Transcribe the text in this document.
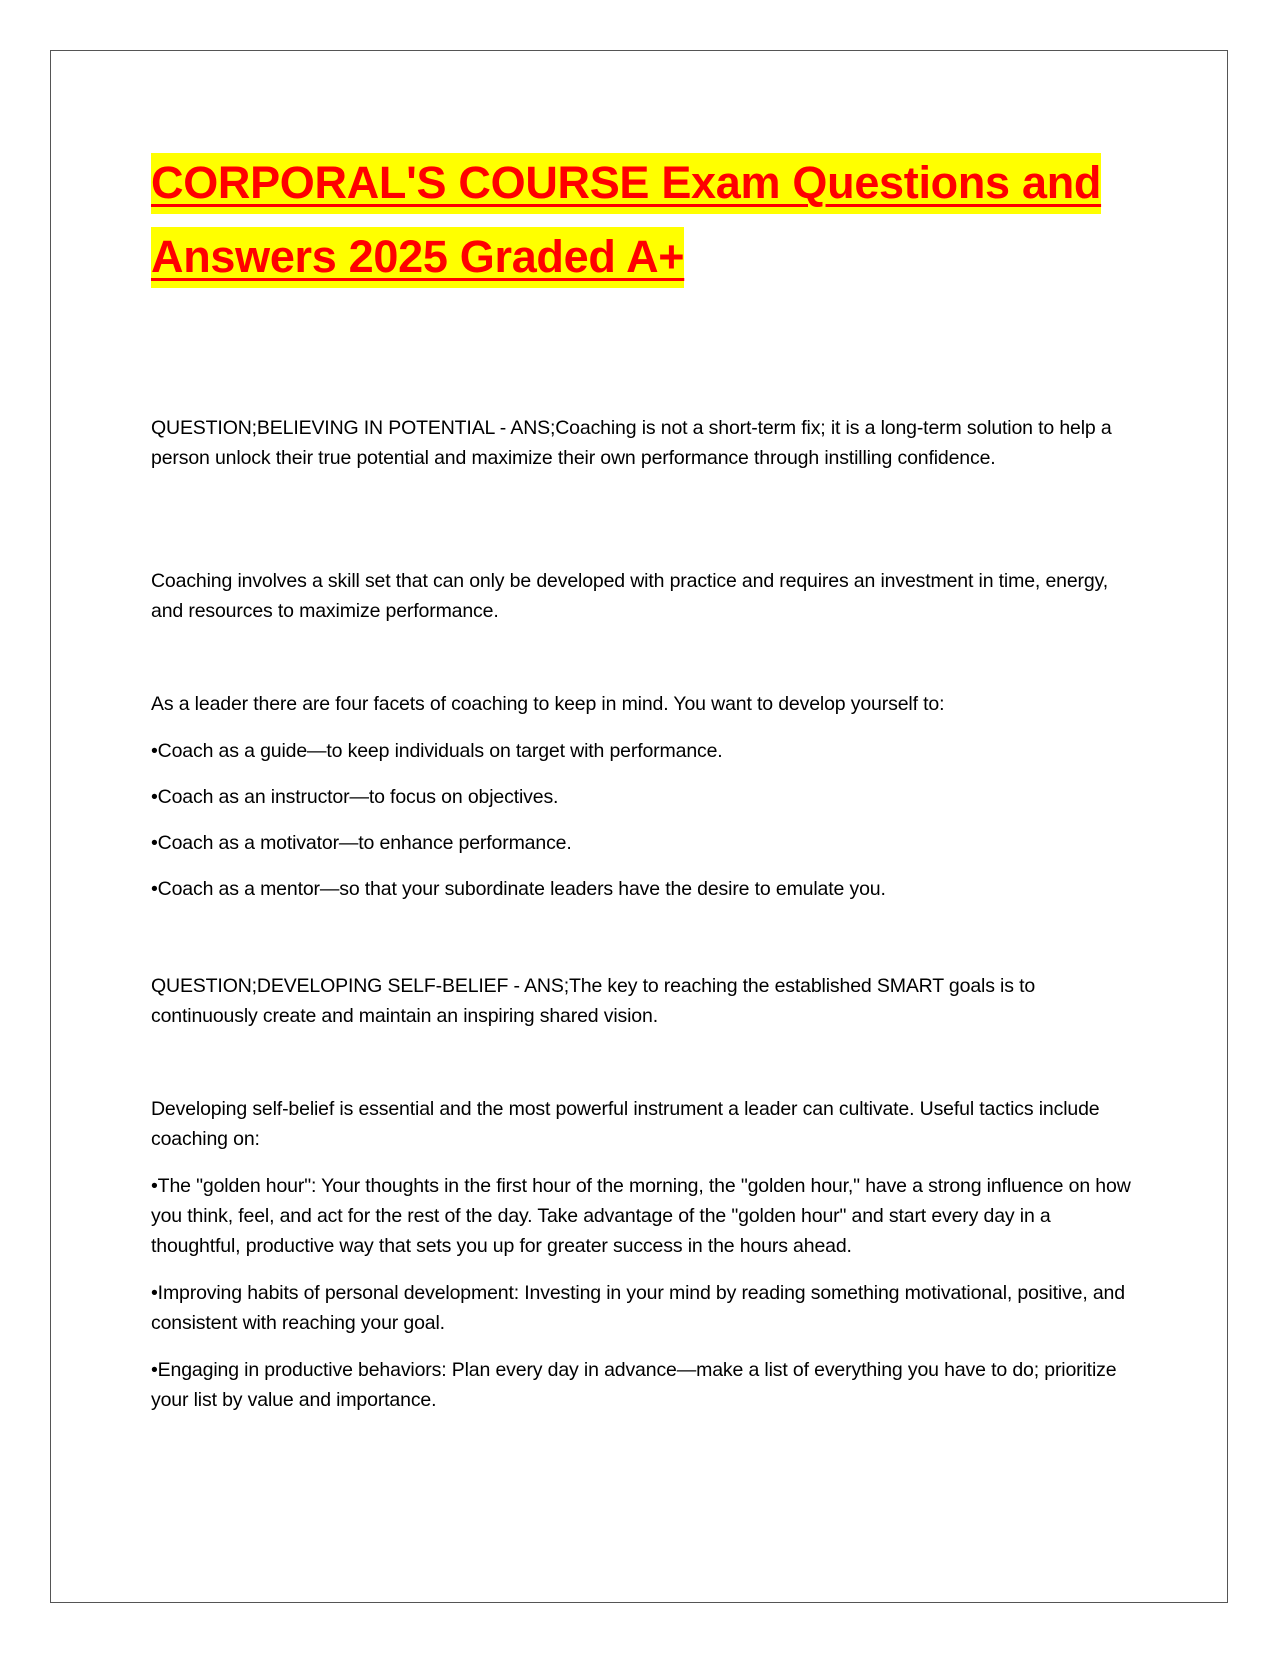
CORPORAL'S COURSE Exam Questions and Answers 2025 Graded A+

QUESTION;BELIEVING IN POTENTIAL - ANS;Coaching is not a short-term fix; it is a long-term solution to help a person unlock their true potential and maximize their own performance through instilling confidence.

Coaching involves a skill set that can only be developed with practice and requires an investment in time, energy, and resources to maximize performance.

As a leader there are four facets of coaching to keep in mind. You want to develop yourself to:

•Coach as a guide—to keep individuals on target with performance.

•Coach as an instructor—to focus on objectives.

•Coach as a motivator—to enhance performance.

•Coach as a mentor—so that your subordinate leaders have the desire to emulate you.

QUESTION;DEVELOPING SELF-BELIEF - ANS;The key to reaching the established SMART goals is to continuously create and maintain an inspiring shared vision.

Developing self-belief is essential and the most powerful instrument a leader can cultivate. Useful tactics include coaching on:

•The "golden hour": Your thoughts in the first hour of the morning, the "golden hour," have a strong influence on how you think, feel, and act for the rest of the day. Take advantage of the "golden hour" and start every day in a thoughtful, productive way that sets you up for greater success in the hours ahead.

•Improving habits of personal development: Investing in your mind by reading something motivational, positive, and consistent with reaching your goal.

•Engaging in productive behaviors: Plan every day in advance—make a list of everything you have to do; prioritize your list by value and importance.
